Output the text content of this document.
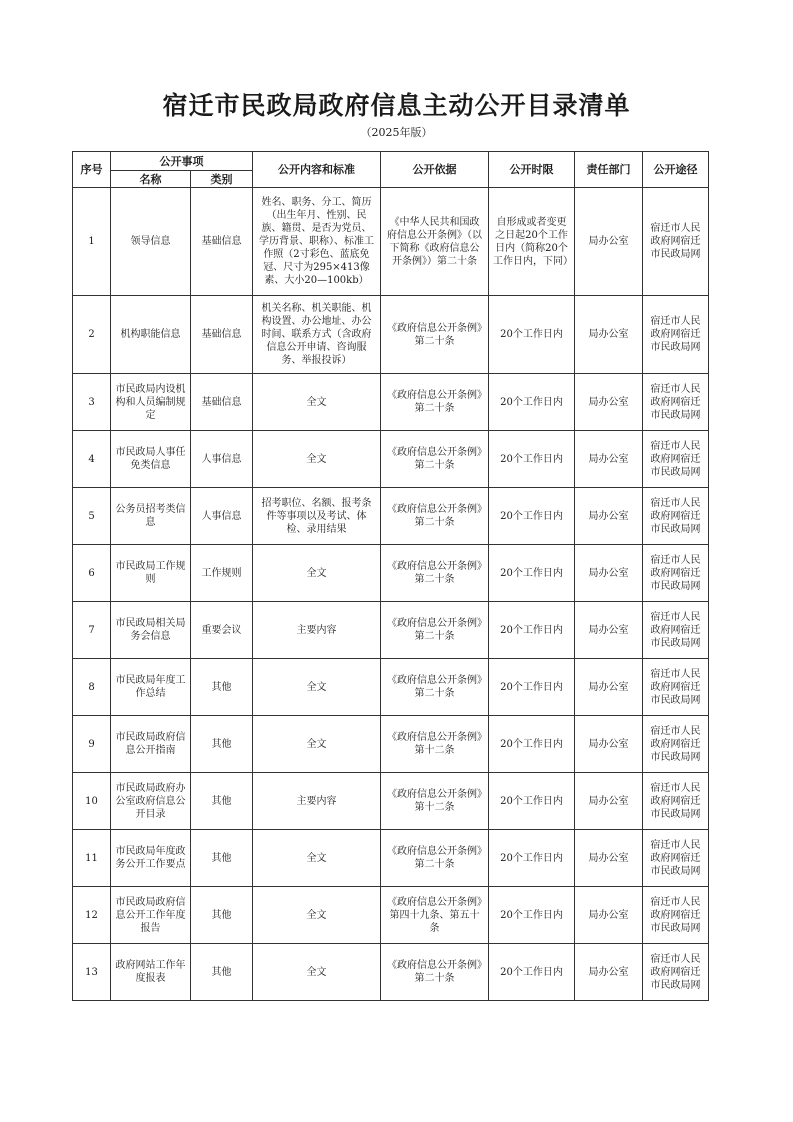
宿迁市民政局政府信息主动公开目录清单
（2025年版）
序号	公开事项		公开内容和标准	公开依据	公开时限	责任部门	公开途径
	名称	类别					
1	领导信息	基础信息	姓名、职务、分工、简历（出生年月、性别、民族、籍贯、是否为党员、学历背景、职称）、标准工作照（2寸彩色、蓝底免冠、尺寸为295×413像素、大小20—100kb）	《中华人民共和国政府信息公开条例》（以下简称《政府信息公开条例》）第二十条	自形成或者变更之日起20个工作日内（简称20个工作日内，下同）	局办公室	宿迁市人民政府网宿迁市民政局网
2	机构职能信息	基础信息	机关名称、机关职能、机构设置、办公地址、办公时间、联系方式（含政府信息公开申请、咨询服务、举报投诉）	《政府信息公开条例》第二十条	20个工作日内	局办公室	宿迁市人民政府网宿迁市民政局网
3	市民政局内设机构和人员编制规定	基础信息	全文	《政府信息公开条例》第二十条	20个工作日内	局办公室	宿迁市人民政府网宿迁市民政局网
4	市民政局人事任免类信息	人事信息	全文	《政府信息公开条例》第二十条	20个工作日内	局办公室	宿迁市人民政府网宿迁市民政局网
5	公务员招考类信息	人事信息	招考职位、名额、报考条件等事项以及考试、体检、录用结果	《政府信息公开条例》第二十条	20个工作日内	局办公室	宿迁市人民政府网宿迁市民政局网
6	市民政局工作规则	工作规则	全文	《政府信息公开条例》第二十条	20个工作日内	局办公室	宿迁市人民政府网宿迁市民政局网
7	市民政局相关局务会信息	重要会议	主要内容	《政府信息公开条例》第二十条	20个工作日内	局办公室	宿迁市人民政府网宿迁市民政局网
8	市民政局年度工作总结	其他	全文	《政府信息公开条例》第二十条	20个工作日内	局办公室	宿迁市人民政府网宿迁市民政局网
9	市民政局政府信息公开指南	其他	全文	《政府信息公开条例》第十二条	20个工作日内	局办公室	宿迁市人民政府网宿迁市民政局网
10	市民政局政府办公室政府信息公开目录	其他	主要内容	《政府信息公开条例》第十二条	20个工作日内	局办公室	宿迁市人民政府网宿迁市民政局网
11	市民政局年度政务公开工作要点	其他	全文	《政府信息公开条例》第二十条	20个工作日内	局办公室	宿迁市人民政府网宿迁市民政局网
12	市民政局政府信息公开工作年度报告	其他	全文	《政府信息公开条例》第四十九条、第五十条	20个工作日内	局办公室	宿迁市人民政府网宿迁市民政局网
13	政府网站工作年度报表	其他	全文	《政府信息公开条例》第二十条	20个工作日内	局办公室	宿迁市人民政府网宿迁市民政局网
